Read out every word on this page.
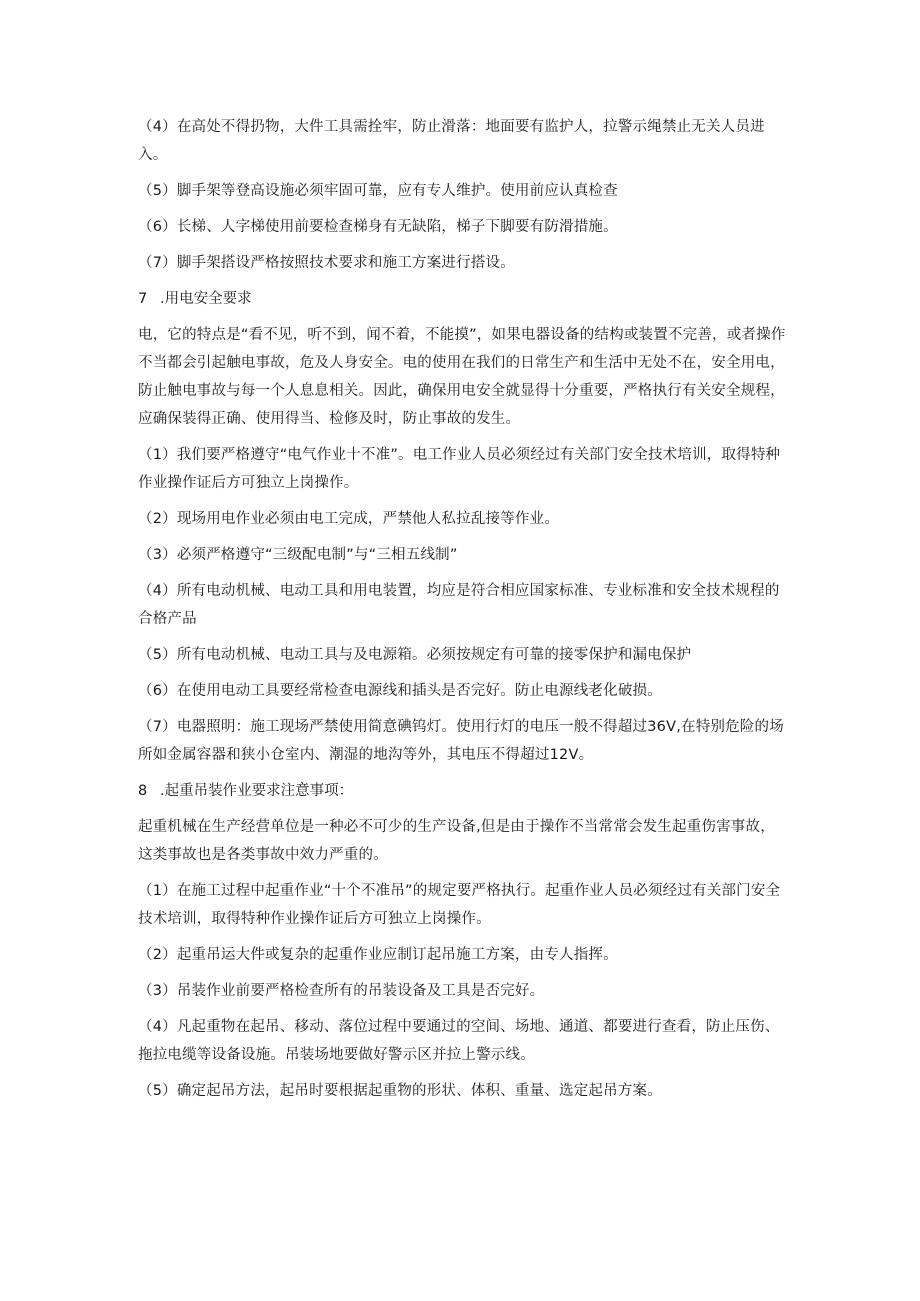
（4）在高处不得扔物，大件工具需拴牢，防止滑落：地面要有监护人，拉警示绳禁止无关人员进入。

（5）脚手架等登高设施必须牢固可靠，应有专人维护。使用前应认真检查

（6）长梯、人字梯使用前要检查梯身有无缺陷，梯子下脚要有防滑措施。

（7）脚手架搭设严格按照技术要求和施工方案进行搭设。

7 .用电安全要求

电，它的特点是“看不见，听不到，闻不着，不能摸”，如果电器设备的结构或装置不完善，或者操作不当都会引起触电事故，危及人身安全。电的使用在我们的日常生产和生活中无处不在，安全用电，防止触电事故与每一个人息息相关。因此，确保用电安全就显得十分重要，严格执行有关安全规程，应确保装得正确、使用得当、检修及时，防止事故的发生。

（1）我们要严格遵守“电气作业十不准”。电工作业人员必须经过有关部门安全技术培训，取得特种作业操作证后方可独立上岗操作。

（2）现场用电作业必须由电工完成，严禁他人私拉乱接等作业。

（3）必须严格遵守“三级配电制”与“三相五线制”

（4）所有电动机械、电动工具和用电装置，均应是符合相应国家标准、专业标准和安全技术规程的合格产品

（5）所有电动机械、电动工具与及电源箱。必须按规定有可靠的接零保护和漏电保护

（6）在使用电动工具要经常检查电源线和插头是否完好。防止电源线老化破损。

（7）电器照明：施工现场严禁使用简意碘钨灯。使用行灯的电压一般不得超过36V,在特别危险的场所如金属容器和狭小仓室内、潮湿的地沟等外，其电压不得超过12V。

8 .起重吊装作业要求注意事项：

起重机械在生产经营单位是一种必不可少的生产设备,但是由于操作不当常常会发生起重伤害事故，这类事故也是各类事故中效力严重的。

（1）在施工过程中起重作业“十个不准吊”的规定要严格执行。起重作业人员必须经过有关部门安全技术培训，取得特种作业操作证后方可独立上岗操作。

（2）起重吊运大件或复杂的起重作业应制订起吊施工方案，由专人指挥。

（3）吊装作业前要严格检查所有的吊装设备及工具是否完好。

（4）凡起重物在起吊、移动、落位过程中要通过的空间、场地、通道、都要进行查看，防止压伤、拖拉电缆等设备设施。吊装场地要做好警示区并拉上警示线。

（5）确定起吊方法，起吊时要根据起重物的形状、体积、重量、选定起吊方案。
